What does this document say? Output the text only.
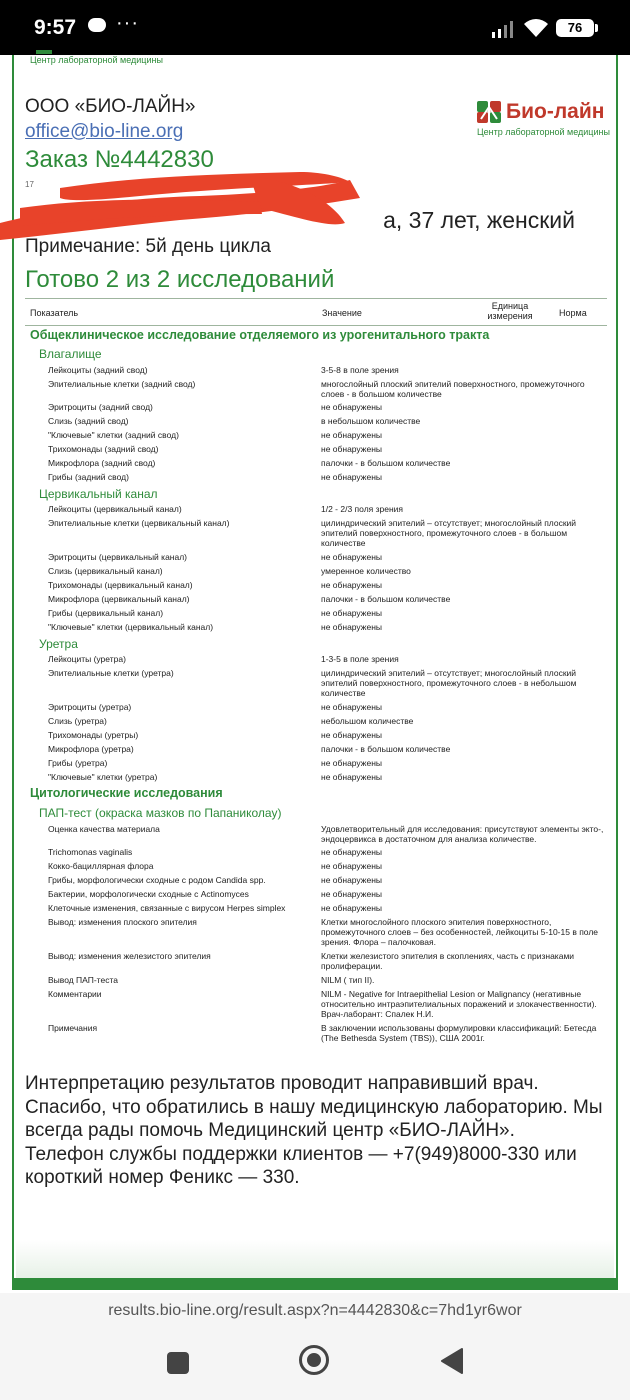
9:57 ···	76
Центр лабораторной медицины
ООО «БИО-ЛАЙН»
office@bio-line.org
Заказ №4442830
17
а, 37 лет, женский
Примечание: 5й день цикла
Био-лайн
Центр лабораторной медицины
Готово 2 из 2 исследований
Показатель	Значение
Единица измерения	Норма
Общеклиническое исследование отделяемого из урогенитального тракта
Влагалище
Цервикальный канал
Уретра
Цитологические исследования
ПАП-тест (окраска мазков по Папаниколау)
Лейкоциты (задний свод)	3-5-8 в поле зрения
Эпителиальные клетки (задний свод)	многослойный плоский эпителий поверхностного, промежуточного слоев - в большом количестве
Эритроциты (задний свод)	не обнаружены
Слизь (задний свод)	в небольшом количестве
"Ключевые" клетки (задний свод)	не обнаружены
Трихомонады (задний свод)	не обнаружены
Микрофлора (задний свод)	палочки - в большом количестве
Грибы (задний свод)	не обнаружены
Лейкоциты (цервикальный канал)	1/2 - 2/3 поля зрения
Эпителиальные клетки (цервикальный канал)	цилиндрический эпителий – отсутствует; многослойный плоский эпителий поверхностного, промежуточного слоев - в большом количестве
Эритроциты (цервикальный канал)	не обнаружены
Слизь (цервикальный канал)	умеренное количество
Трихомонады (цервикальный канал)	не обнаружены
Микрофлора (цервикальный канал)	палочки - в большом количестве
Грибы (цервикальный канал)	не обнаружены
"Ключевые" клетки (цервикальный канал)	не обнаружены
Лейкоциты (уретра)	1-3-5 в поле зрения
Эпителиальные клетки (уретра)	цилиндрический эпителий – отсутствует; многослойный плоский эпителий поверхностного, промежуточного слоев - в небольшом количестве
Эритроциты (уретра)	не обнаружены
Слизь (уретра)	небольшом количестве
Трихомонады (уретры)	не обнаружены
Микрофлора (уретра)	палочки - в большом количестве
Грибы (уретра)	не обнаружены
"Ключевые" клетки (уретра)	не обнаружены
Оценка качества материала	Удовлетворительный для исследования: присутствуют элементы экто-, эндоцервикса в достаточном для анализа количестве.
Trichomonas vaginalis	не обнаружены
Кокко-бациллярная флора	не обнаружены
Грибы, морфологически сходные с родом Candida spp.	не обнаружены
Бактерии, морфологически сходные с Actinomyces	не обнаружены
Клеточные изменения, связанные с вирусом Herpes simplex	не обнаружены
Вывод: изменения плоского эпителия	Клетки многослойного плоского эпителия поверхностного, промежуточного слоев – без особенностей, лейкоциты 5-10-15 в поле зрения. Флора – палочковая.
Вывод: изменения железистого эпителия	Клетки железистого эпителия в скоплениях, часть с признаками пролиферации.
Вывод ПАП-теста	NILM ( тип II).
Комментарии	NILM - Negative for Intraepithelial Lesion or Malignancy (негативные относительно интраэпителиальных поражений и злокачественности). Врач-лаборант: Спалек Н.И.
Примечания	В заключении использованы формулировки классификаций: Бетесда (The Bethesda System (TBS)), США 2001г.
Интерпретацию результатов проводит направивший врач.
Спасибо, что обратились в нашу медицинскую лабораторию. Мы всегда рады помочь Медицинский центр «БИО-ЛАЙН».
Телефон службы поддержки клиентов — +7(949)8000-330 или короткий номер Феникс — 330.
results.bio-line.org/result.aspx?n=4442830&c=7hd1yr6wor
